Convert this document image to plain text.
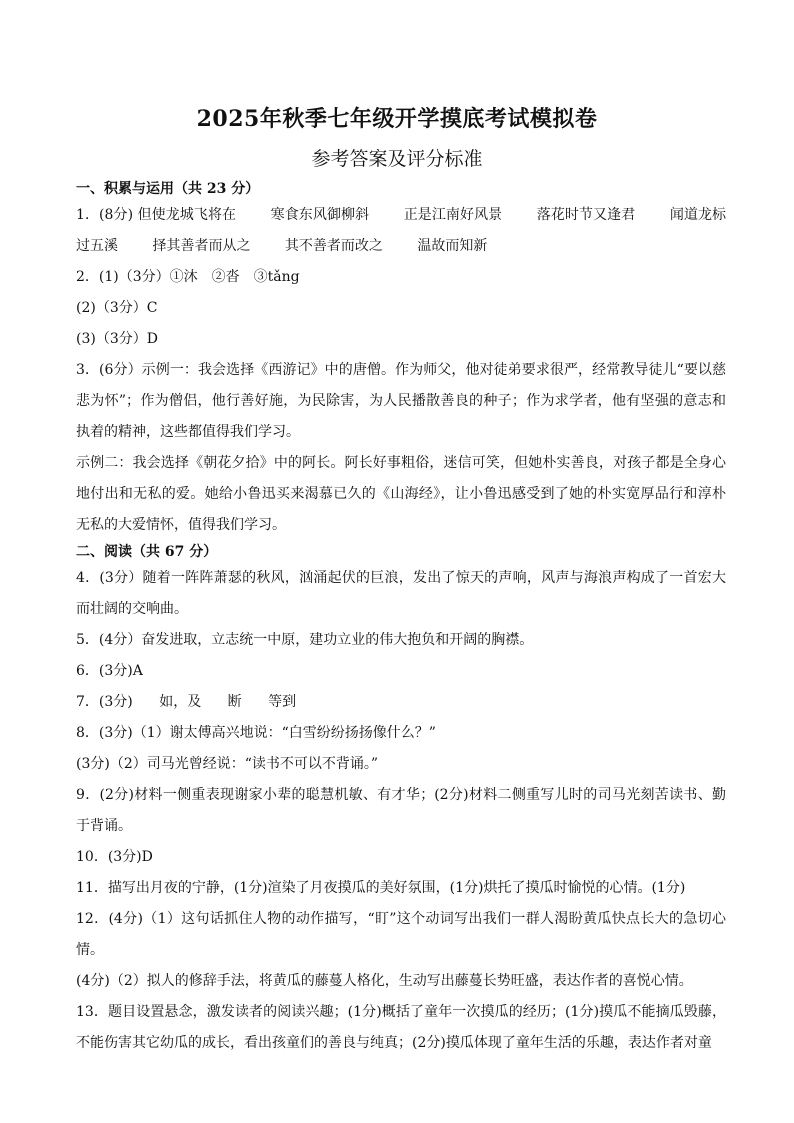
2025年秋季七年级开学摸底考试模拟卷
参考答案及评分标准

一、积累与运用（共 23 分）

1．(8分) 但使龙城飞将在 寒食东风御柳斜 正是江南好风景 落花时节又逢君 闻道龙标过五溪 择其善者而从之 其不善者而改之 温故而知新

2．(1)（3分）①沐　②沓　③tǎng

(2)（3分）C

(3)（3分）D

3．(6分）示例一：我会选择《西游记》中的唐僧。作为师父，他对徒弟要求很严，经常教导徒儿“要以慈悲为怀”；作为僧侣，他行善好施，为民除害，为人民播散善良的种子；作为求学者，他有坚强的意志和执着的精神，这些都值得我们学习。

示例二：我会选择《朝花夕拾》中的阿长。阿长好事粗俗，迷信可笑，但她朴实善良，对孩子都是全身心地付出和无私的爱。她给小鲁迅买来渴慕已久的《山海经》，让小鲁迅感受到了她的朴实宽厚品行和淳朴无私的大爱情怀，值得我们学习。

二、阅读（共 67 分）

4．(3分）随着一阵阵萧瑟的秋风，汹涌起伏的巨浪，发出了惊天的声响，风声与海浪声构成了一首宏大而壮阔的交响曲。

5．(4分）奋发进取，立志统一中原，建功立业的伟大抱负和开阔的胸襟。

6．(3分)A

7．(3分) 如，及 断 等到

8．(3分)（1）谢太傅高兴地说：“白雪纷纷扬扬像什么？”

(3分)（2）司马光曾经说：“读书不可以不背诵。”

9．(2分)材料一侧重表现谢家小辈的聪慧机敏、有才华；(2分)材料二侧重写儿时的司马光刻苦读书、勤于背诵。

10．(3分)D

11．描写出月夜的宁静，(1分)渲染了月夜摸瓜的美好氛围，(1分)烘托了摸瓜时愉悦的心情。(1分)

12．(4分)（1）这句话抓住人物的动作描写，“盯”这个动词写出我们一群人渴盼黄瓜快点长大的急切心情。

(4分)（2）拟人的修辞手法，将黄瓜的藤蔓人格化，生动写出藤蔓长势旺盛，表达作者的喜悦心情。

13．题目设置悬念，激发读者的阅读兴趣；(1分)概括了童年一次摸瓜的经历；(1分)摸瓜不能摘瓜毁藤，不能伤害其它幼瓜的成长，看出孩童们的善良与纯真；(2分)摸瓜体现了童年生活的乐趣，表达作者对童
